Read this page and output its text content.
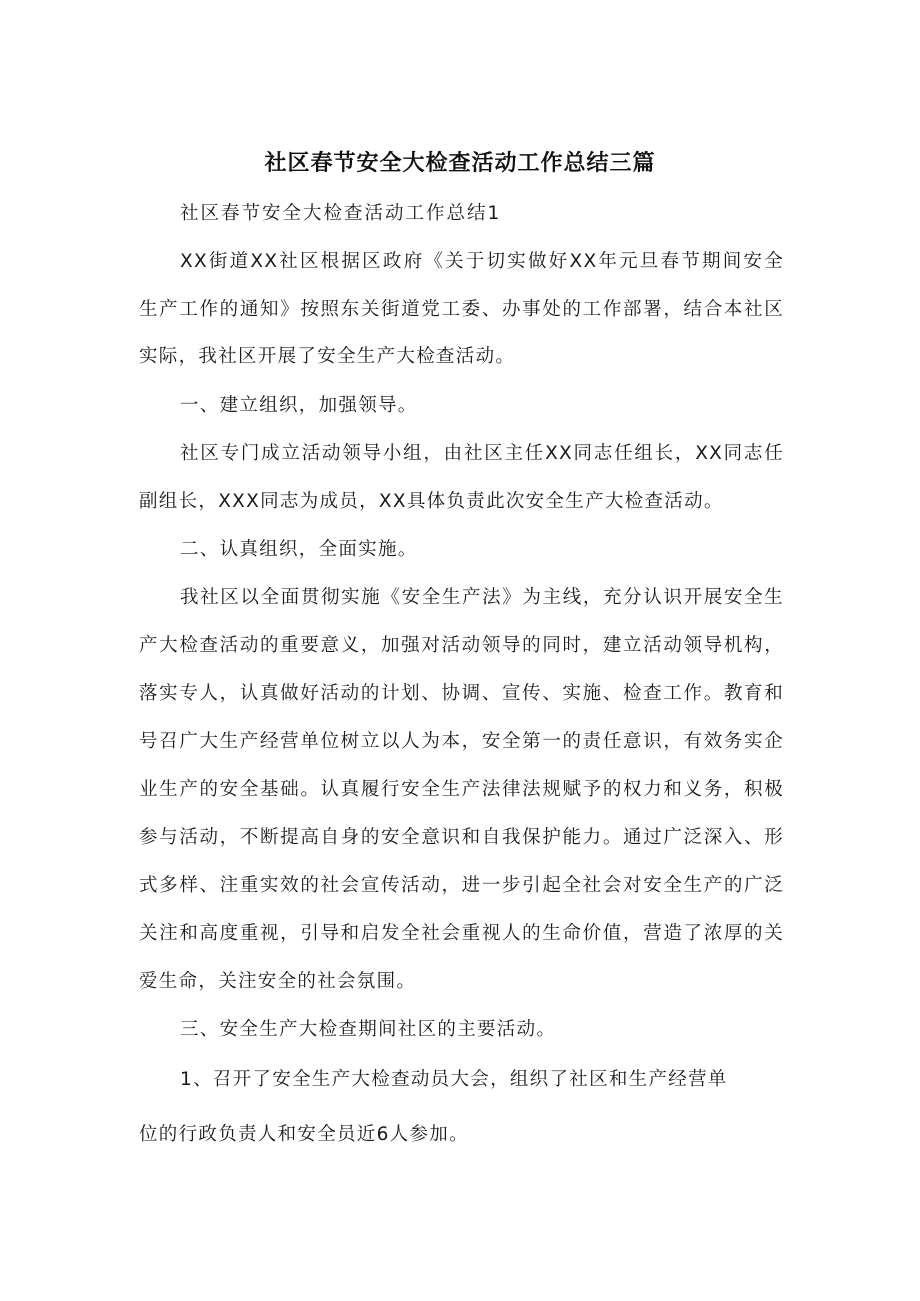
社区春节安全大检查活动工作总结三篇
社区春节安全大检查活动工作总结1
XX街道XX社区根据区政府《关于切实做好XX年元旦春节期间安全
生产工作的通知》按照东关街道党工委、办事处的工作部署，结合本社区
实际，我社区开展了安全生产大检查活动。
一、建立组织，加强领导。
社区专门成立活动领导小组，由社区主任XX同志任组长，XX同志任
副组长，XXX同志为成员，XX具体负责此次安全生产大检查活动。
二、认真组织，全面实施。
我社区以全面贯彻实施《安全生产法》为主线，充分认识开展安全生
产大检查活动的重要意义，加强对活动领导的同时，建立活动领导机构，
落实专人，认真做好活动的计划、协调、宣传、实施、检查工作。教育和
号召广大生产经营单位树立以人为本，安全第一的责任意识，有效务实企
业生产的安全基础。认真履行安全生产法律法规赋予的权力和义务，积极
参与活动，不断提高自身的安全意识和自我保护能力。通过广泛深入、形
式多样、注重实效的社会宣传活动，进一步引起全社会对安全生产的广泛
关注和高度重视，引导和启发全社会重视人的生命价值，营造了浓厚的关
爱生命，关注安全的社会氛围。
三、安全生产大检查期间社区的主要活动。
1、召开了安全生产大检查动员大会，组织了社区和生产经营单
位的行政负责人和安全员近6人参加。
